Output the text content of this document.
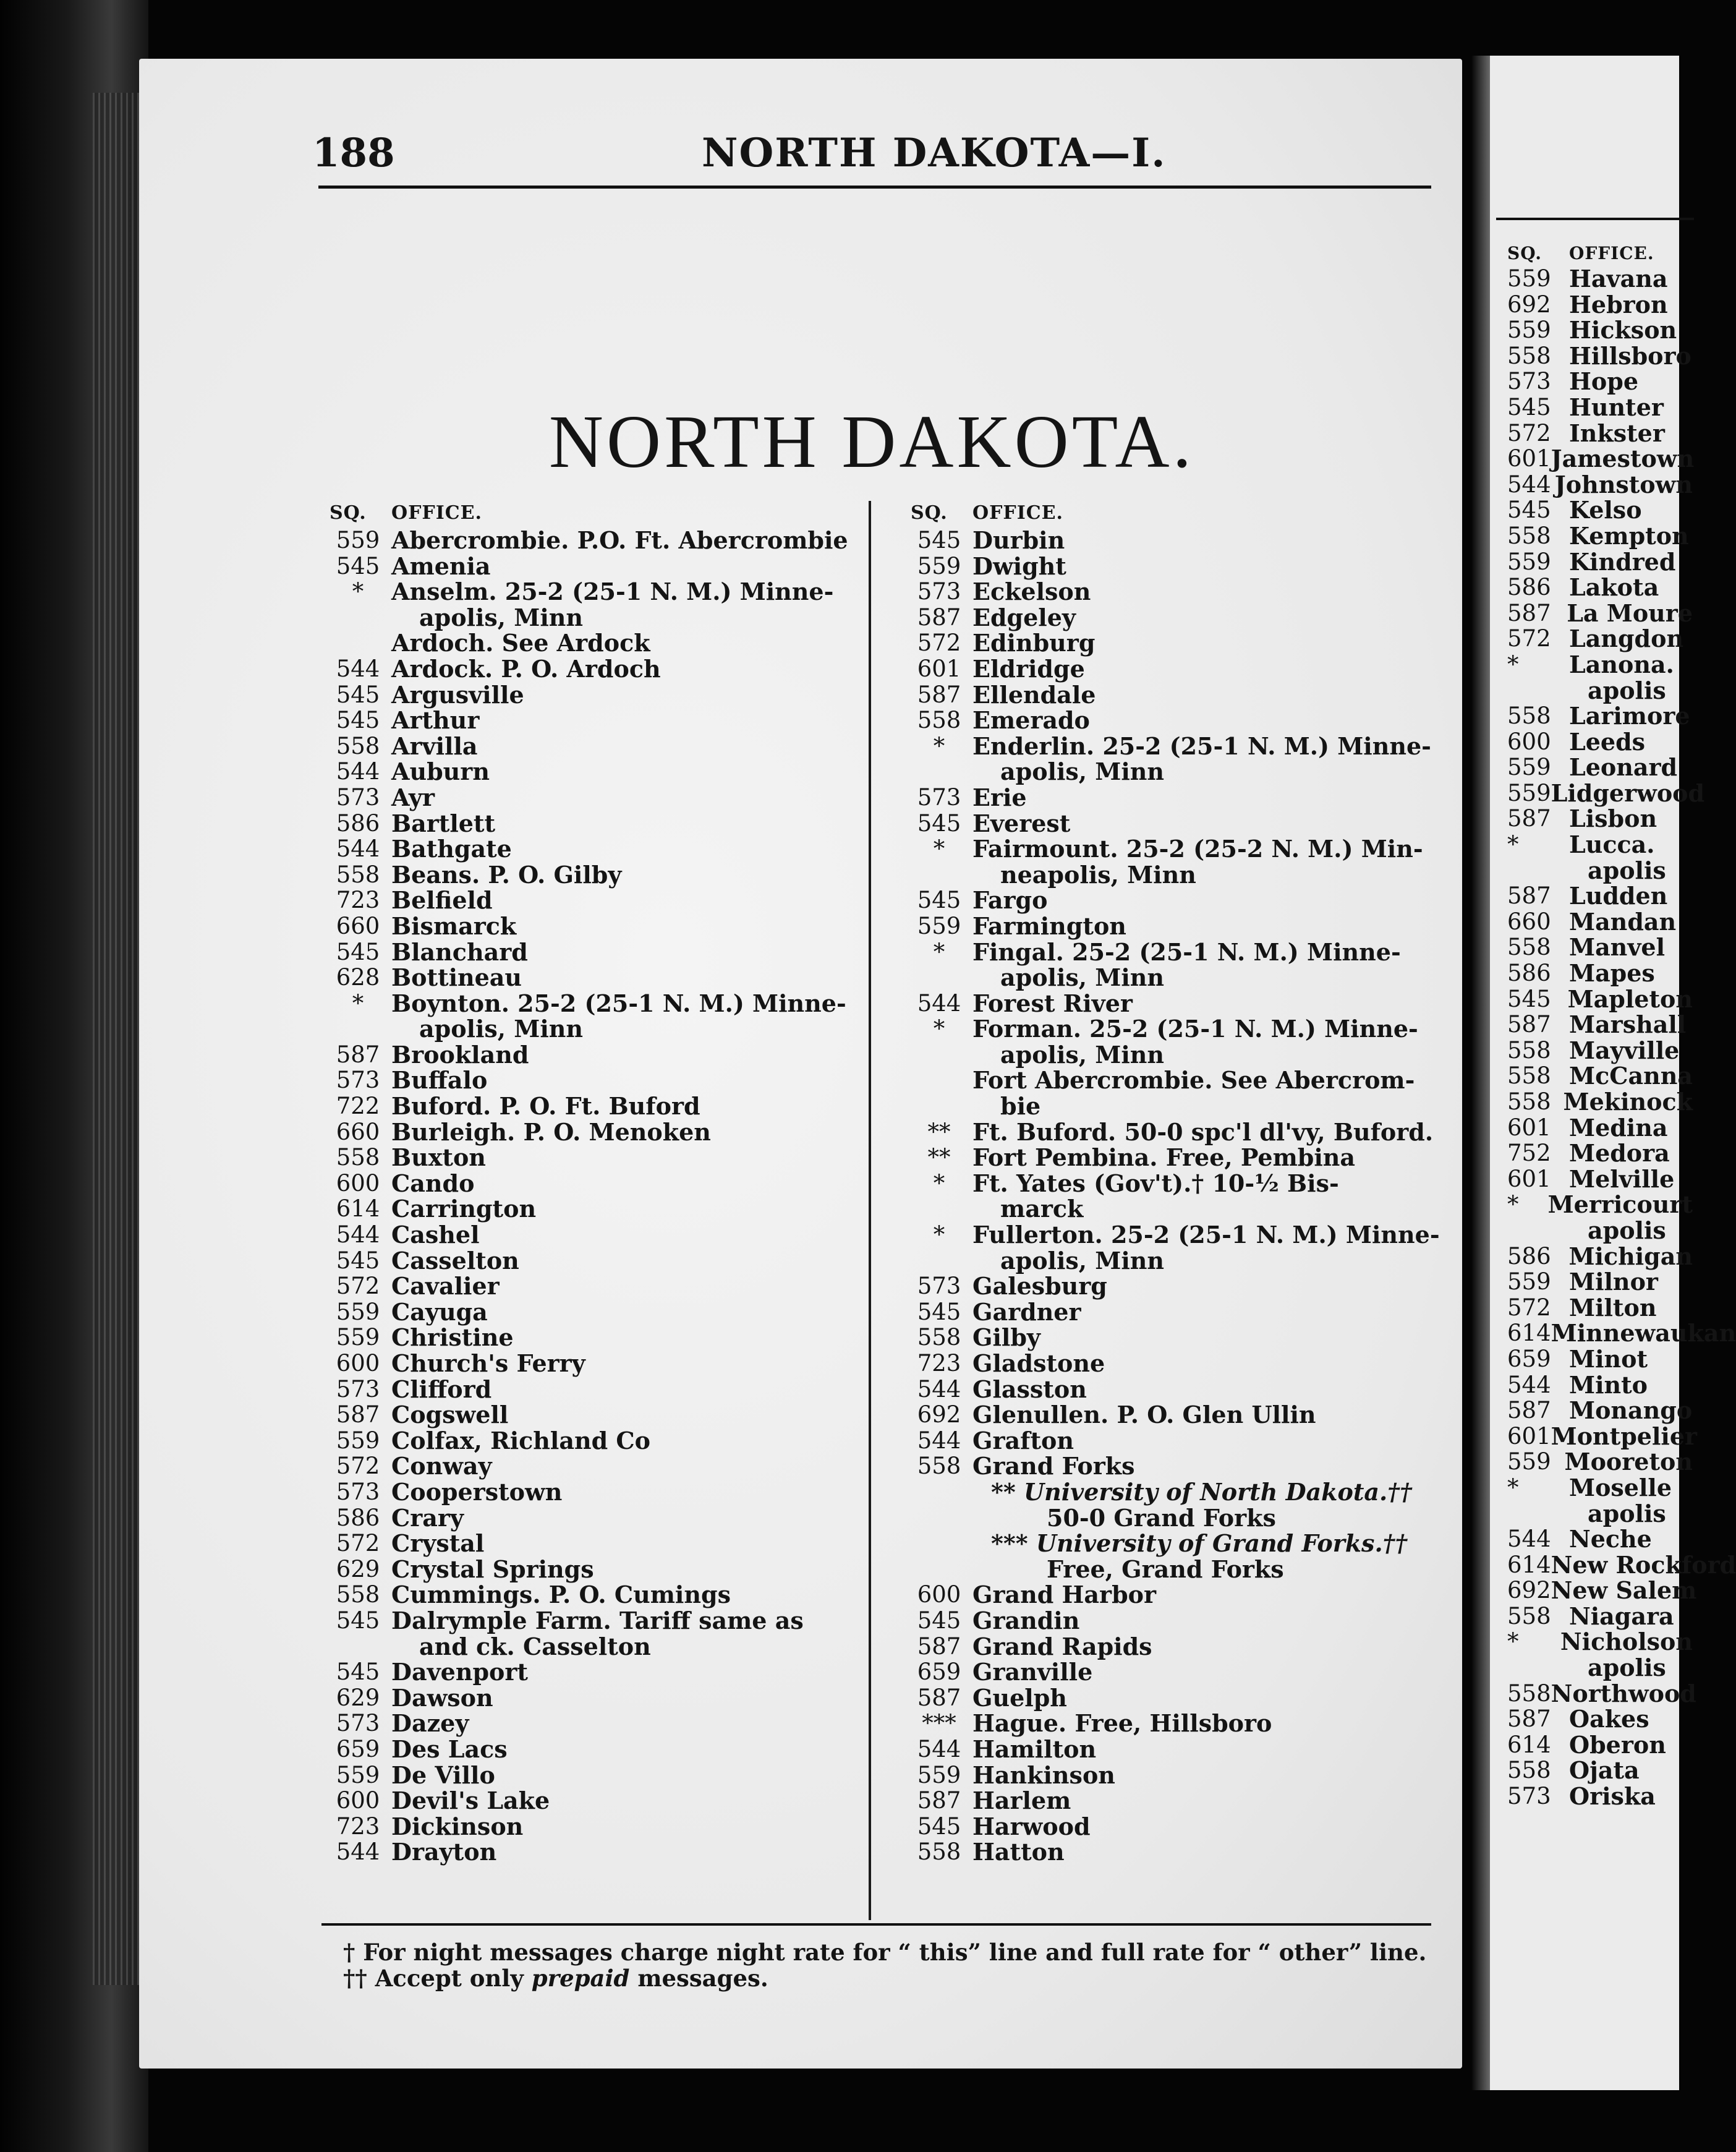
188	NORTH DAKOTA—I.
NORTH DAKOTA.
SQ.	OFFICE.
559 Abercrombie. P.O. Ft. Abercrombie
545 Amenia
*	Anselm. 25-2 (25-1 N. M.) Minne-
apolis, Minn
Ardoch. See Ardock
544 Ardock. P. O. Ardoch
545 Argusville
545 Arthur
558 Arvilla
544 Auburn
573 Ayr
586 Bartlett
544 Bathgate
558 Beans. P. O. Gilby
723 Belfield
660 Bismarck
545 Blanchard
628 Bottineau
*	Boynton. 25-2 (25-1 N. M.) Minne-
apolis, Minn
587 Brookland
573 Buffalo
722 Buford. P. O. Ft. Buford
660 Burleigh. P. O. Menoken
558 Buxton
600 Cando
614 Carrington
544 Cashel
545 Casselton
572 Cavalier
559 Cayuga
559 Christine
600 Church's Ferry
573 Clifford
587 Cogswell
559 Colfax, Richland Co
572 Conway
573 Cooperstown
586 Crary
572 Crystal
629 Crystal Springs
558 Cummings. P. O. Cumings
545 Dalrymple Farm. Tariff same as
and ck. Casselton
545 Davenport
629 Dawson
573 Dazey
659 Des Lacs
559 De Villo
600 Devil's Lake
723 Dickinson
544 Drayton
SQ.	OFFICE.
545 Durbin
559 Dwight
573 Eckelson
587 Edgeley
572 Edinburg
601 Eldridge
587 Ellendale
558 Emerado
*	Enderlin. 25-2 (25-1 N. M.) Minne-
apolis, Minn
573 Erie
545 Everest
*	Fairmount. 25-2 (25-2 N. M.) Min-
neapolis, Minn
545 Fargo
559 Farmington
*	Fingal. 25-2 (25-1 N. M.) Minne-
apolis, Minn
544 Forest River
*	Forman. 25-2 (25-1 N. M.) Minne-
apolis, Minn
Fort Abercrombie. See Abercrom-
bie
** Ft. Buford. 50-0 spc'l dl'vy, Buford.
** Fort Pembina. Free, Pembina
*	Ft. Yates (Gov't).† 10-½ Bis-
marck
*	Fullerton. 25-2 (25-1 N. M.) Minne-
apolis, Minn
573 Galesburg
545 Gardner
558 Gilby
723 Gladstone
544 Glasston
692 Glenullen. P. O. Glen Ullin
544 Grafton
558 Grand Forks
** University of North Dakota.††
50-0 Grand Forks
*** University of Grand Forks.††
Free, Grand Forks
600 Grand Harbor
545 Grandin
587 Grand Rapids
659 Granville
587 Guelph
*** Hague. Free, Hillsboro
544 Hamilton
559 Hankinson
587 Harlem
545 Harwood
558 Hatton
† For night messages charge night rate for “ this” line and full rate for “ other” line.
†† Accept only prepaid messages.
SQ.	OFFICE.
559 Havana
692 Hebron
559 Hickson
558 Hillsboro
573 Hope
545 Hunter
572 Inkster
601 Jamestown
544 Johnstown
545 Kelso
558 Kempton
559 Kindred
586 Lakota
587 La Moure
572 Langdon
*	Lanona.
apolis
558 Larimore
600 Leeds
559 Leonard
559 Lidgerwood
587 Lisbon
*	Lucca.
apolis
587 Ludden
660 Mandan
558 Manvel
586 Mapes
545 Mapleton
587 Marshall
558 Mayville
558 McCanna
558 Mekinock
601 Medina
752 Medora
601 Melville
*	Merricourt
apolis
586 Michigan
559 Milnor
572 Milton
614 Minnewaukan
659 Minot
544 Minto
587 Monango
601 Montpelier
559 Mooreton
*	Moselle
apolis
544 Neche
614 New Rockford
692 New Salem
558 Niagara
*	Nicholson
apolis
558 Northwood
587 Oakes
614 Oberon
558 Ojata
573 Oriska
